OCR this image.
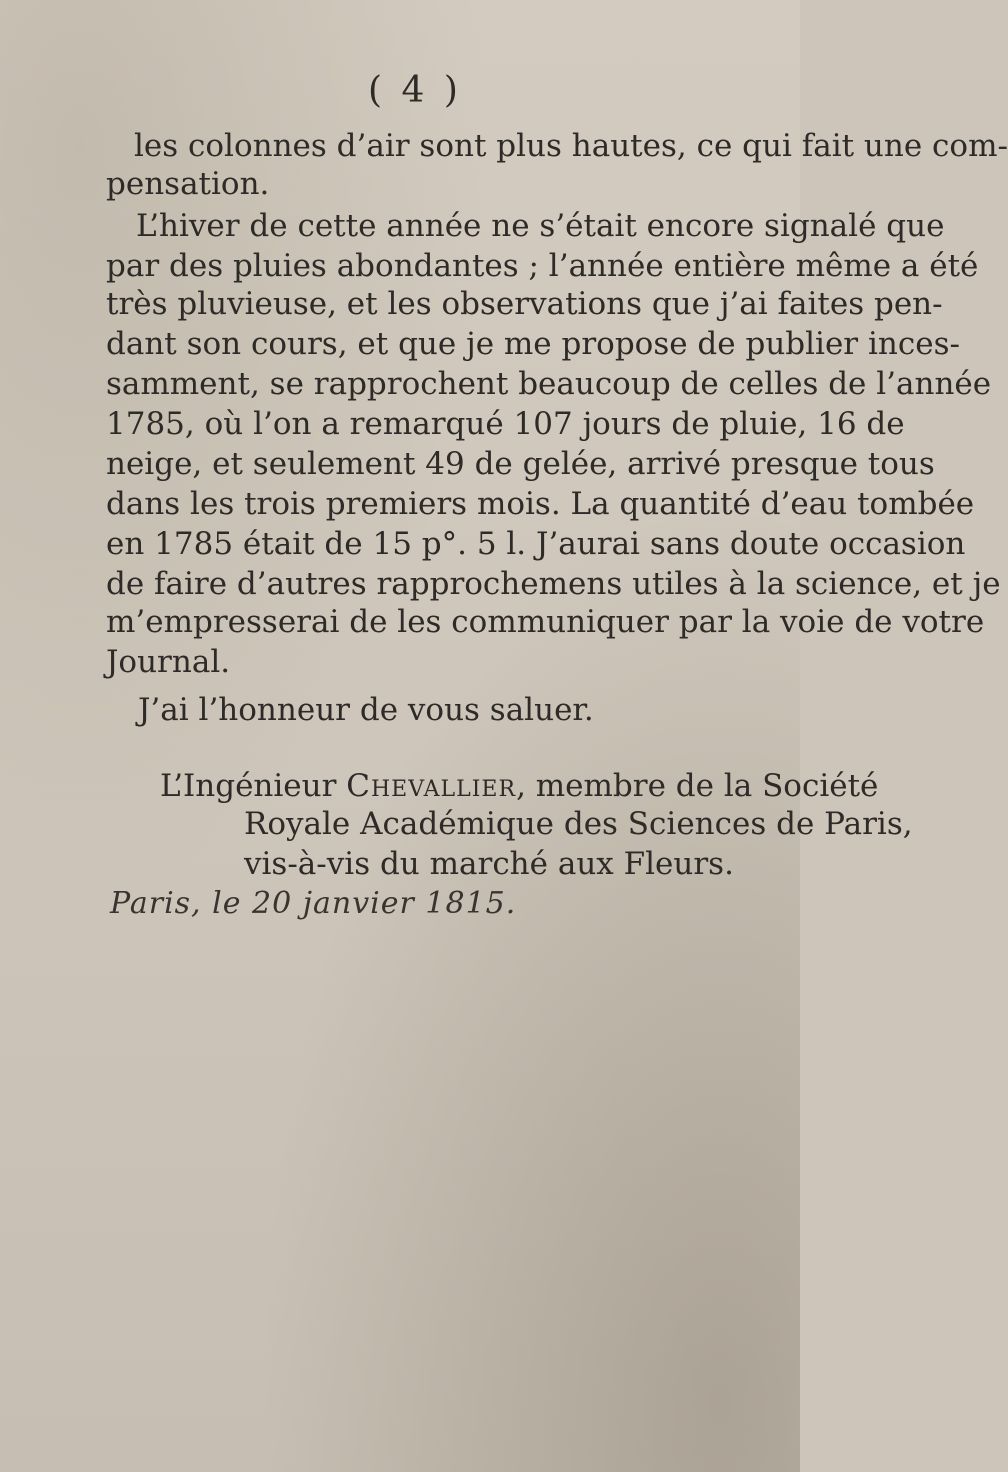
( 4 )
les colonnes d’air sont plus hautes, ce qui fait une com-
pensation.
L’hiver de cette année ne s’était encore signalé que
par des pluies abondantes ; l’année entière même a été
très pluvieuse, et les observations que j’ai faites pen-
dant son cours, et que je me propose de publier inces-
samment, se rapprochent beaucoup de celles de l’année
1785, où l’on a remarqué 107 jours de pluie, 16 de
neige, et seulement 49 de gelée, arrivé presque tous
dans les trois premiers mois. La quantité d’eau tombée
en 1785 était de 15 p°. 5 l. J’aurai sans doute occasion
de faire d’autres rapprochemens utiles à la science, et je
m’empresserai de les communiquer par la voie de votre
Journal.
J’ai l’honneur de vous saluer.
L’Ingénieur Chevallier, membre de la Société
Royale Académique des Sciences de Paris,
vis-à-vis du marché aux Fleurs.
Paris, le 20 janvier 1815.
